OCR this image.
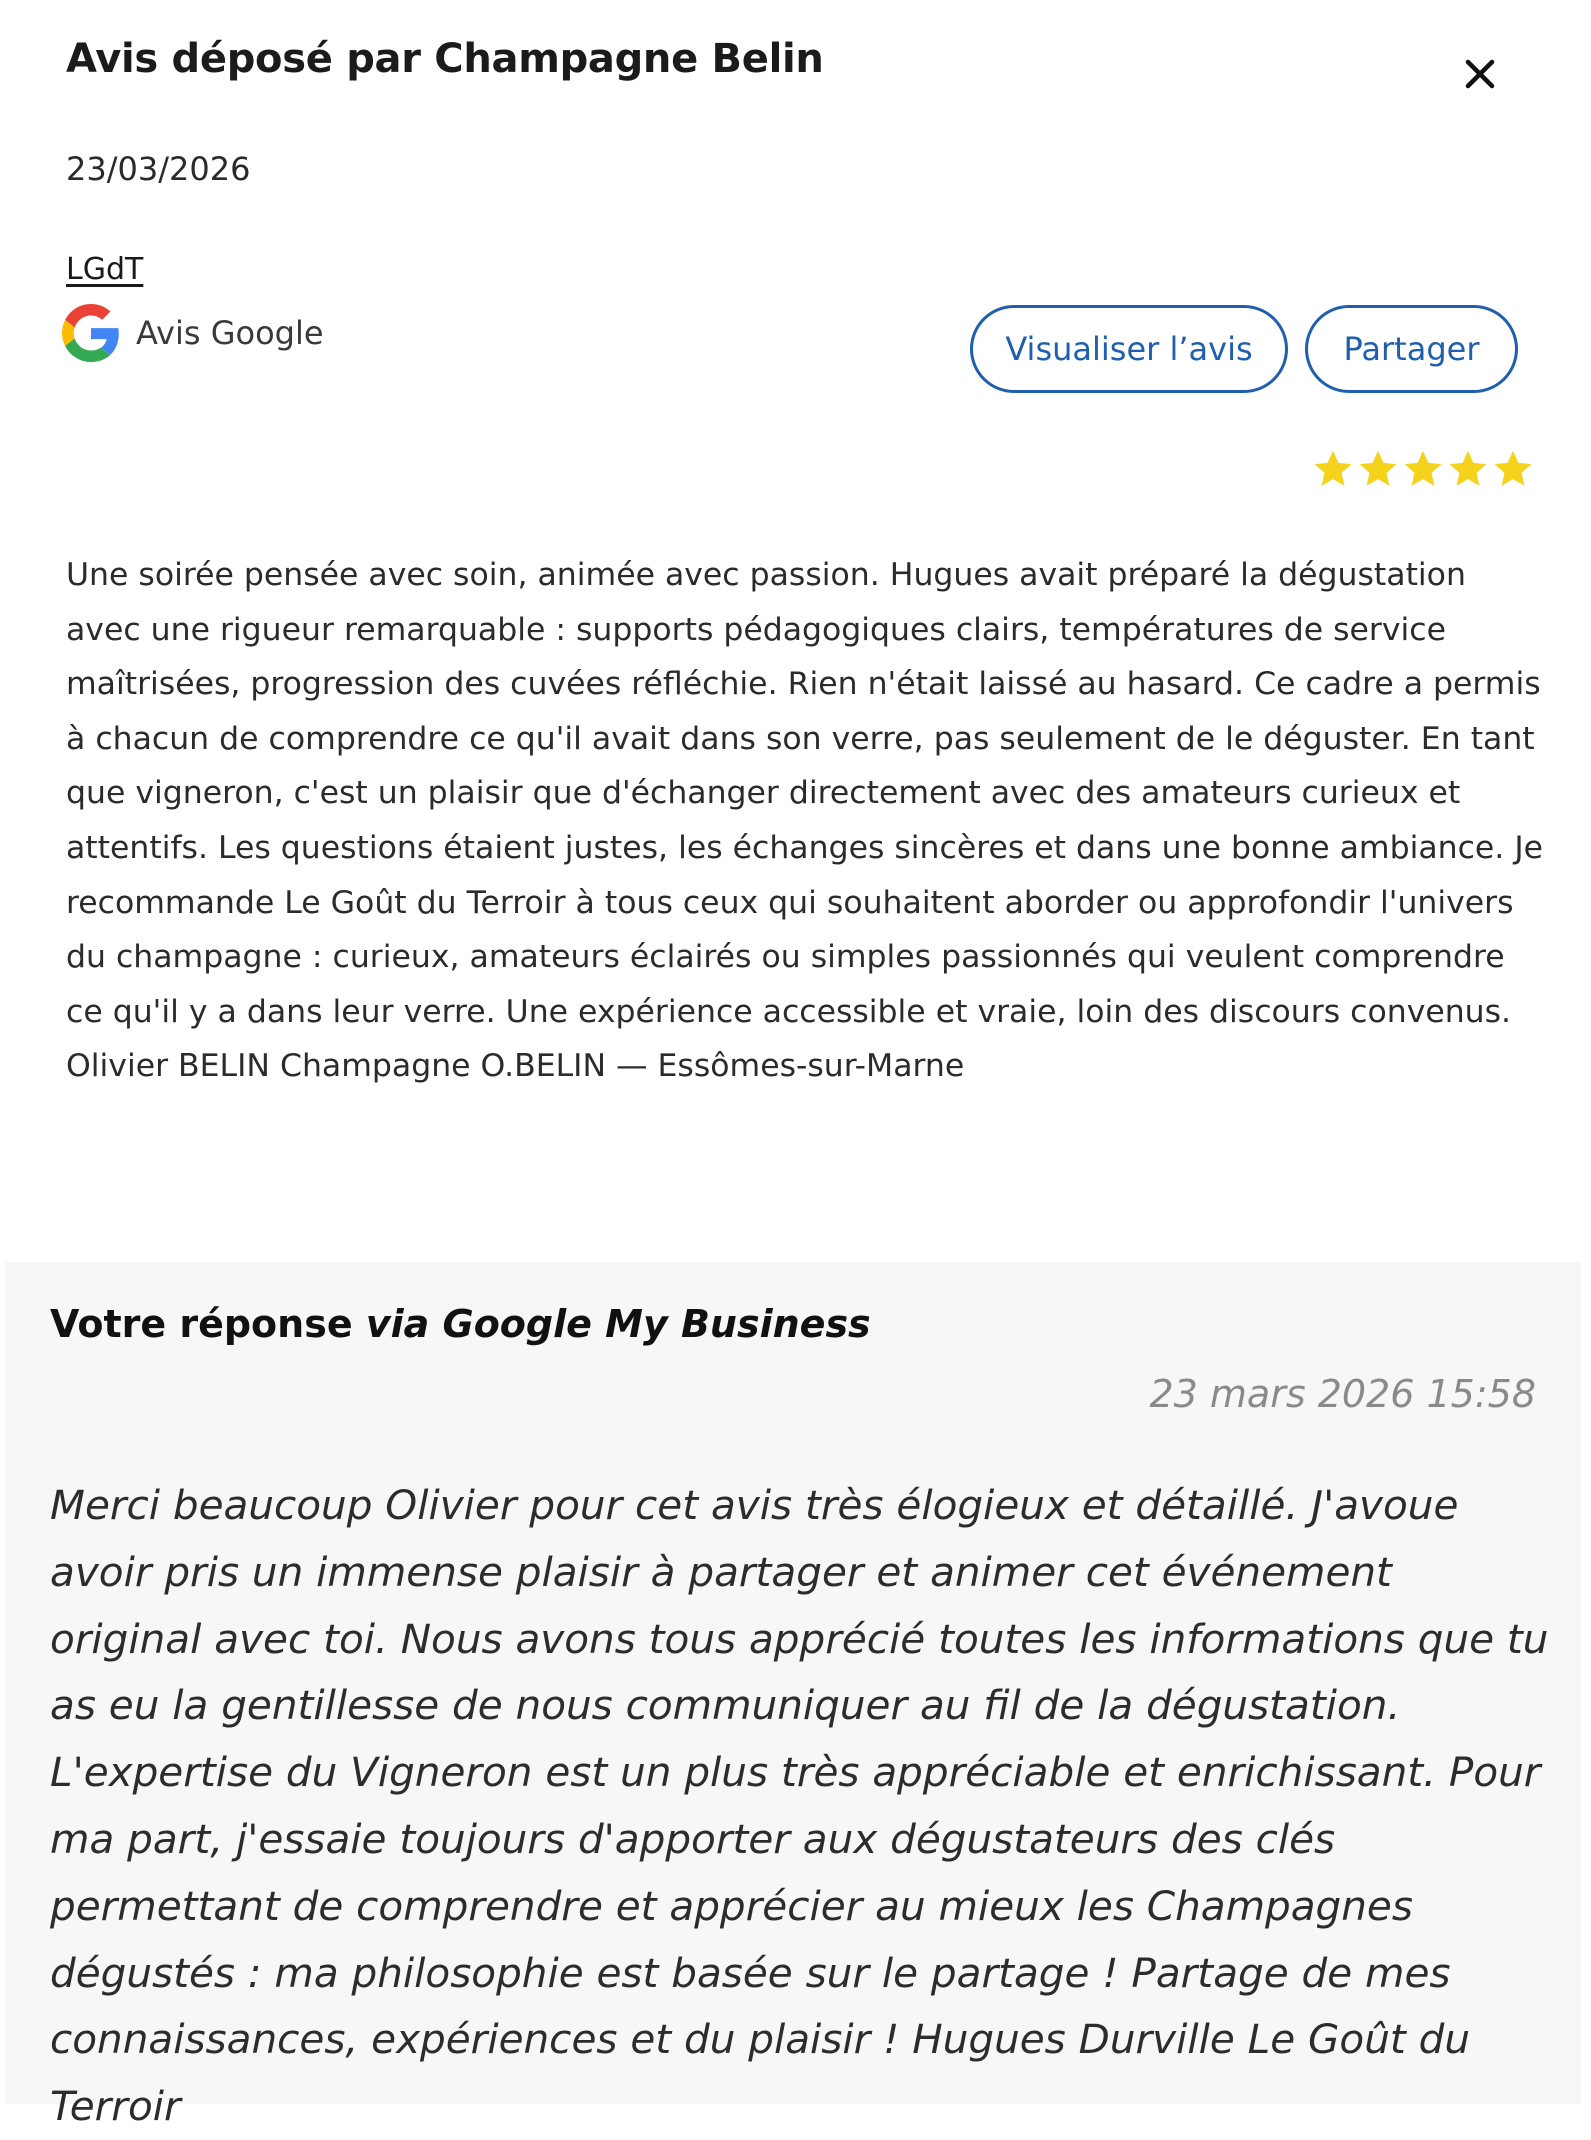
Avis déposé par Champagne Belin
23/03/2026
LGdT
Avis Google	Visualiser l’avis	Partager

Une soirée pensée avec soin, animée avec passion. Hugues avait préparé la dégustation avec une rigueur remarquable : supports pédagogiques clairs, températures de service maîtrisées, progression des cuvées réfléchie. Rien n'était laissé au hasard. Ce cadre a permis à chacun de comprendre ce qu'il avait dans son verre, pas seulement de le déguster. En tant que vigneron, c'est un plaisir que d'échanger directement avec des amateurs curieux et attentifs. Les questions étaient justes, les échanges sincères et dans une bonne ambiance. Je recommande Le Goût du Terroir à tous ceux qui souhaitent aborder ou approfondir l'univers du champagne : curieux, amateurs éclairés ou simples passionnés qui veulent comprendre ce qu'il y a dans leur verre. Une expérience accessible et vraie, loin des discours convenus. Olivier BELIN Champagne O.BELIN — Essômes-sur-Marne

Votre réponse via Google My Business
23 mars 2026 15:58

Merci beaucoup Olivier pour cet avis très élogieux et détaillé. J'avoue avoir pris un immense plaisir à partager et animer cet événement original avec toi. Nous avons tous apprécié toutes les informations que tu as eu la gentillesse de nous communiquer au fil de la dégustation. L'expertise du Vigneron est un plus très appréciable et enrichissant. Pour ma part, j'essaie toujours d'apporter aux dégustateurs des clés permettant de comprendre et apprécier au mieux les Champagnes dégustés : ma philosophie est basée sur le partage ! Partage de mes connaissances, expériences et du plaisir ! Hugues Durville Le Goût du Terroir
